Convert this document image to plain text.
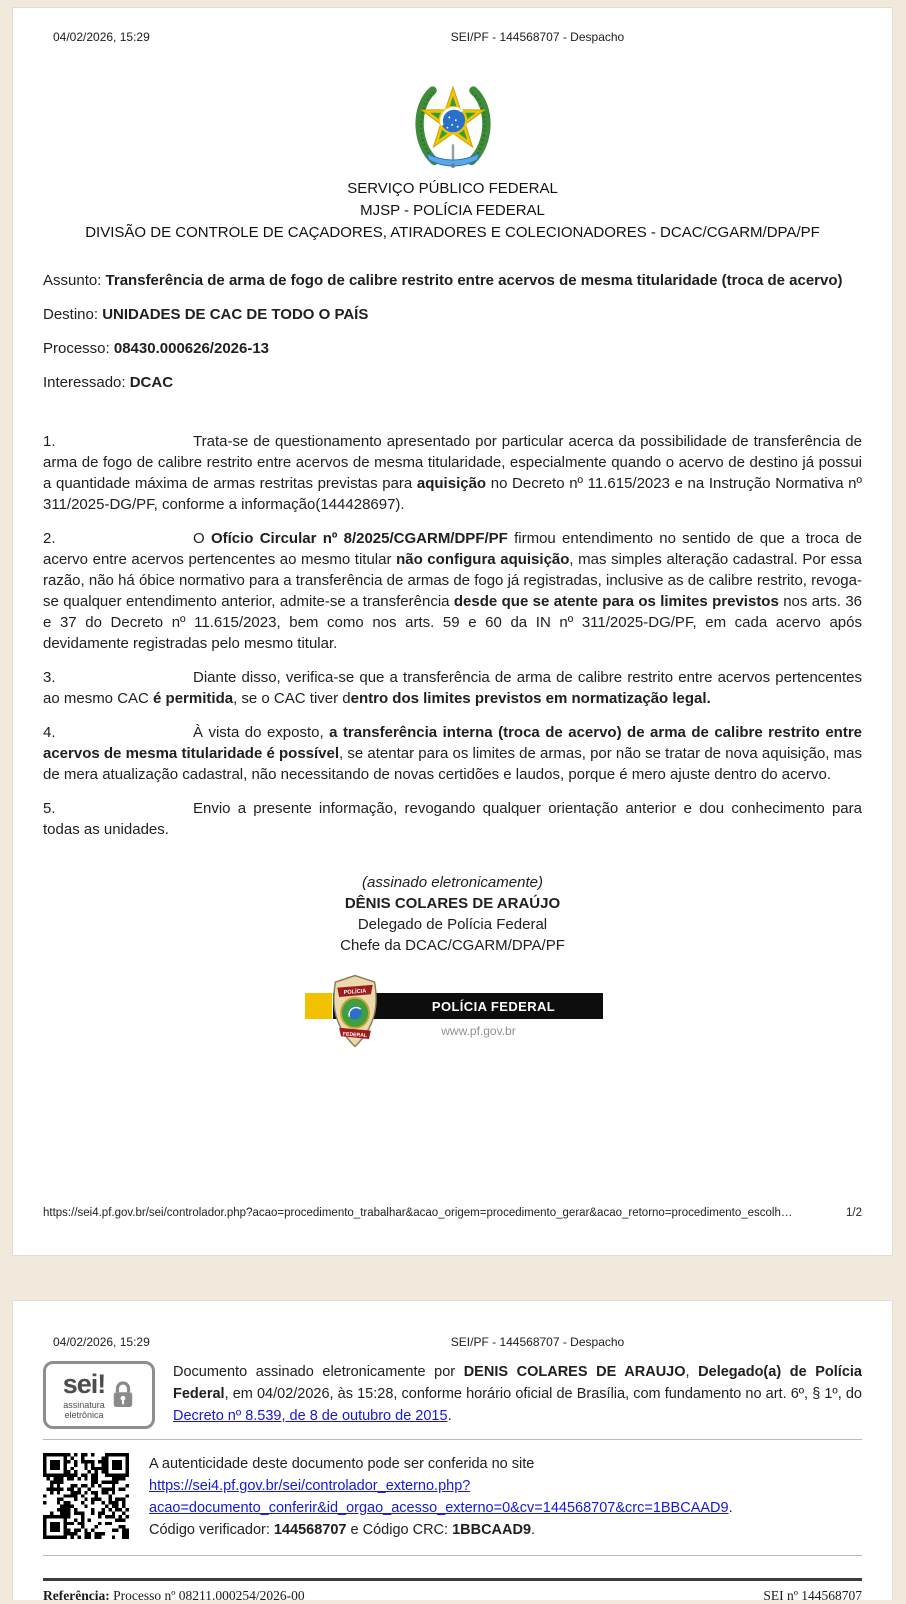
04/02/2026, 15:29	SEI/PF - 144568707 - Despacho
SERVIÇO PÚBLICO FEDERAL
MJSP - POLÍCIA FEDERAL
DIVISÃO DE CONTROLE DE CAÇADORES, ATIRADORES E COLECIONADORES - DCAC/CGARM/DPA/PF
Assunto: Transferência de arma de fogo de calibre restrito entre acervos de mesma titularidade (troca de acervo)
Destino: UNIDADES DE CAC DE TODO O PAÍS
Processo: 08430.000626/2026-13
Interessado: DCAC
1.	Trata-se de questionamento apresentado por particular acerca da possibilidade de transferência de arma de fogo de calibre restrito entre acervos de mesma titularidade, especialmente quando o acervo de destino já possui a quantidade máxima de armas restritas previstas para aquisição no Decreto nº 11.615/2023 e na Instrução Normativa nº 311/2025-DG/PF, conforme a informação(144428697).
2.	O Ofício Circular nº 8/2025/CGARM/DPF/PF firmou entendimento no sentido de que a troca de acervo entre acervos pertencentes ao mesmo titular não configura aquisição, mas simples alteração cadastral. Por essa razão, não há óbice normativo para a transferência de armas de fogo já registradas, inclusive as de calibre restrito, revoga-se qualquer entendimento anterior, admite-se a transferência desde que se atente para os limites previstos nos arts. 36 e 37 do Decreto nº 11.615/2023, bem como nos arts. 59 e 60 da IN nº 311/2025-DG/PF, em cada acervo após devidamente registradas pelo mesmo titular.
3.	Diante disso, verifica-se que a transferência de arma de calibre restrito entre acervos pertencentes ao mesmo CAC é permitida, se o CAC tiver dentro dos limites previstos em normatização legal.
4.	À vista do exposto, a transferência interna (troca de acervo) de arma de calibre restrito entre acervos de mesma titularidade é possível, se atentar para os limites de armas, por não se tratar de nova aquisição, mas de mera atualização cadastral, não necessitando de novas certidões e laudos, porque é mero ajuste dentro do acervo.
5.	Envio a presente informação, revogando qualquer orientação anterior e dou conhecimento para todas as unidades.
(assinado eletronicamente)
DÊNIS COLARES DE ARAÚJO
Delegado de Polícia Federal
Chefe da DCAC/CGARM/DPA/PF
POLÍCIA FEDERAL
www.pf.gov.br
POLÍCIA
FEDERAL
https://sei4.pf.gov.br/sei/controlador.php?acao=procedimento_trabalhar&acao_origem=procedimento_gerar&acao_retorno=procedimento_escolh…	1/2
04/02/2026, 15:29	SEI/PF - 144568707 - Despacho
sei!
assinatura
eletrônica
Documento assinado eletronicamente por DENIS COLARES DE ARAUJO, Delegado(a) de Polícia Federal, em 04/02/2026, às 15:28, conforme horário oficial de Brasília, com fundamento no art. 6º, § 1º, do Decreto nº 8.539, de 8 de outubro de 2015.
A autenticidade deste documento pode ser conferida no site
https://sei4.pf.gov.br/sei/controlador_externo.php?
acao=documento_conferir&id_orgao_acesso_externo=0&cv=144568707&crc=1BBCAAD9.
Código verificador: 144568707 e Código CRC: 1BBCAAD9.
Referência: Processo nº 08211.000254/2026-00	SEI nº 144568707
